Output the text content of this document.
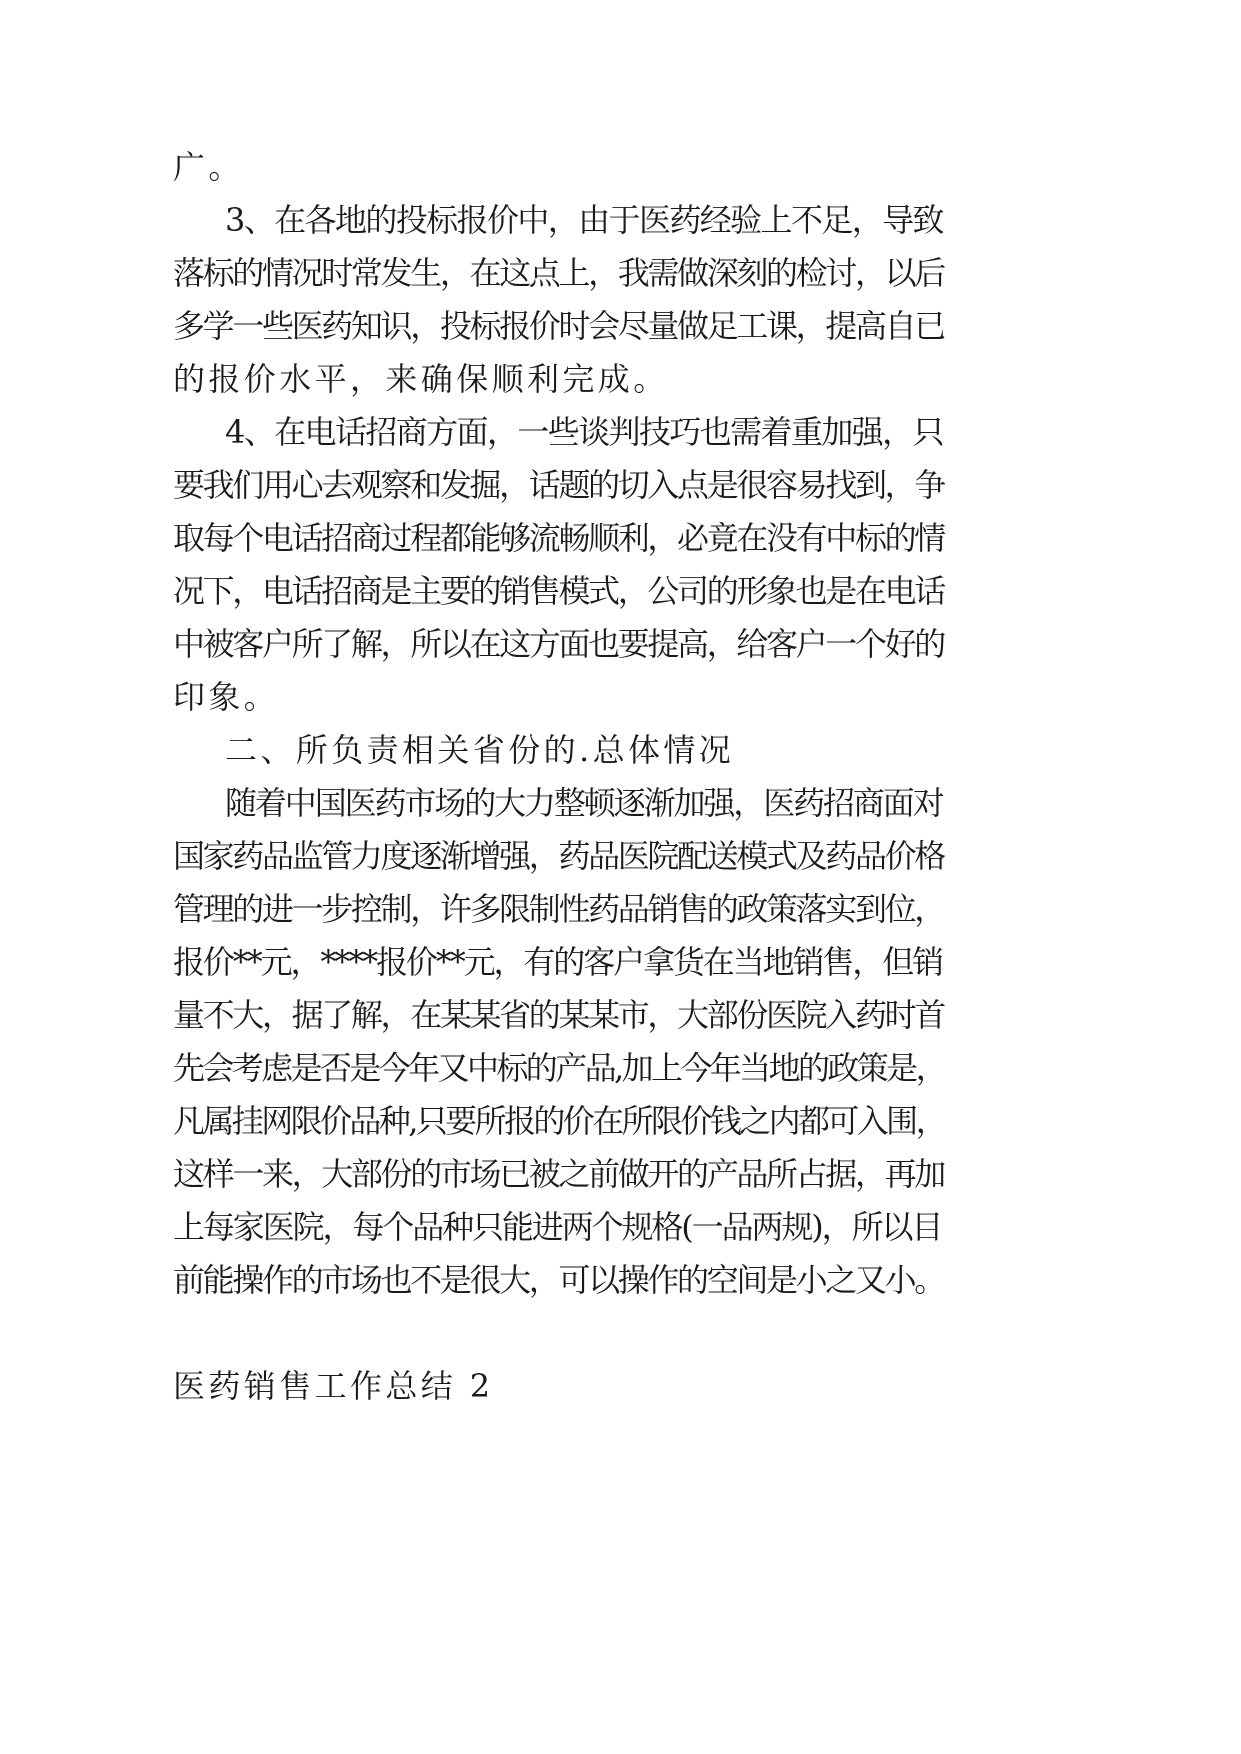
广。

3、在各地的投标报价中，由于医药经验上不足，导致

落标的情况时常发生，在这点上，我需做深刻的检讨，以后

多学一些医药知识，投标报价时会尽量做足工课，提高自已

的报价水平，来确保顺利完成。

4、在电话招商方面，一些谈判技巧也需着重加强，只

要我们用心去观察和发掘，话题的切入点是很容易找到，争

取每个电话招商过程都能够流畅顺利，必竟在没有中标的情

况下，电话招商是主要的销售模式，公司的形象也是在电话

中被客户所了解，所以在这方面也要提高，给客户一个好的

印象。

二、所负责相关省份的.总体情况

随着中国医药市场的大力整顿逐渐加强，医药招商面对

国家药品监管力度逐渐增强，药品医院配送模式及药品价格

管理的进一步控制，许多限制性药品销售的政策落实到位，

报价**元，****报价**元，有的客户拿货在当地销售，但销

量不大，据了解，在某某省的某某市，大部份医院入药时首

先会考虑是否是今年又中标的产品,加上今年当地的政策是，

凡属挂网限价品种,只要所报的价在所限价钱之内都可入围，

这样一来，大部份的市场已被之前做开的产品所占据，再加

上每家医院，每个品种只能进两个规格(一品两规)，所以目

前能操作的市场也不是很大，可以操作的空间是小之又小。

医药销售工作总结 2
